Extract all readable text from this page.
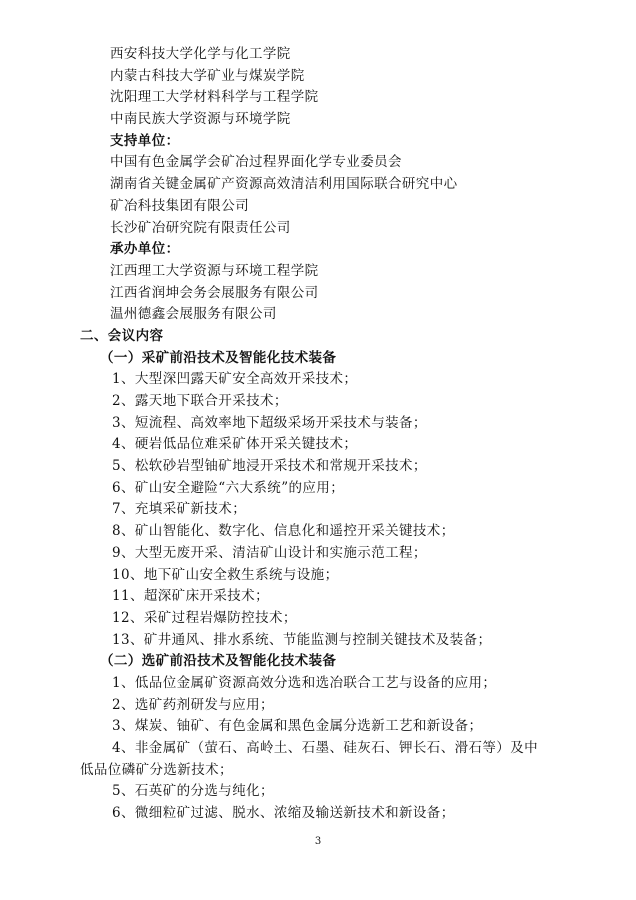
西安科技大学化学与化工学院
内蒙古科技大学矿业与煤炭学院
沈阳理工大学材料科学与工程学院
中南民族大学资源与环境学院
支持单位：
中国有色金属学会矿冶过程界面化学专业委员会
湖南省关键金属矿产资源高效清洁利用国际联合研究中心
矿冶科技集团有限公司
长沙矿冶研究院有限责任公司
承办单位：
江西理工大学资源与环境工程学院
江西省润坤会务会展服务有限公司
温州德鑫会展服务有限公司
二、会议内容
（一）采矿前沿技术及智能化技术装备
1、大型深凹露天矿安全高效开采技术；
2、露天地下联合开采技术；
3、短流程、高效率地下超级采场开采技术与装备；
4、硬岩低品位难采矿体开采关键技术；
5、松软砂岩型铀矿地浸开采技术和常规开采技术；
6、矿山安全避险“六大系统”的应用；
7、充填采矿新技术；
8、矿山智能化、数字化、信息化和遥控开采关键技术；
9、大型无废开采、清洁矿山设计和实施示范工程；
10、地下矿山安全救生系统与设施；
11、超深矿床开采技术；
12、采矿过程岩爆防控技术；
13、矿井通风、排水系统、节能监测与控制关键技术及装备；
（二）选矿前沿技术及智能化技术装备
1、低品位金属矿资源高效分选和选冶联合工艺与设备的应用；
2、选矿药剂研发与应用；
3、煤炭、铀矿、有色金属和黑色金属分选新工艺和新设备；
4、非金属矿（萤石、高岭土、石墨、硅灰石、钾长石、滑石等）及中
低品位磷矿分选新技术；
5、石英矿的分选与纯化；
6、微细粒矿过滤、脱水、浓缩及输送新技术和新设备；
3
